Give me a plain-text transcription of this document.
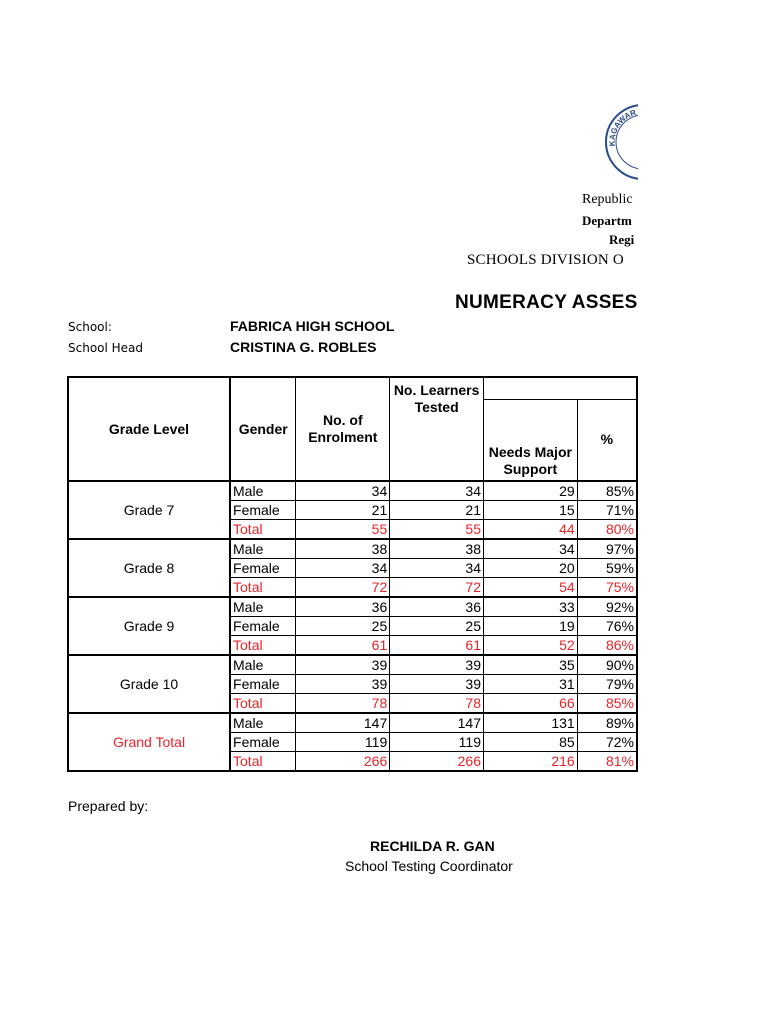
KAGAWAR
Republic
Departm
Regi
SCHOOLS DIVISION O
NUMERACY ASSES
School:	FABRICA HIGH SCHOOL
School Head	CRISTINA G. ROBLES
Grade Level	Gender	No. of Enrolment	No. Learners Tested		
				Needs Major Support	%
Grade 7	Male	34	34	29	85%
	Female	21	21	15	71%
	Total	55	55	44	80%
Grade 8	Male	38	38	34	97%
	Female	34	34	20	59%
	Total	72	72	54	75%
Grade 9	Male	36	36	33	92%
	Female	25	25	19	76%
	Total	61	61	52	86%
Grade 10	Male	39	39	35	90%
	Female	39	39	31	79%
	Total	78	78	66	85%
Grand Total	Male	147	147	131	89%
	Female	119	119	85	72%
	Total	266	266	216	81%
Prepared by:
RECHILDA R. GAN
School Testing Coordinator
